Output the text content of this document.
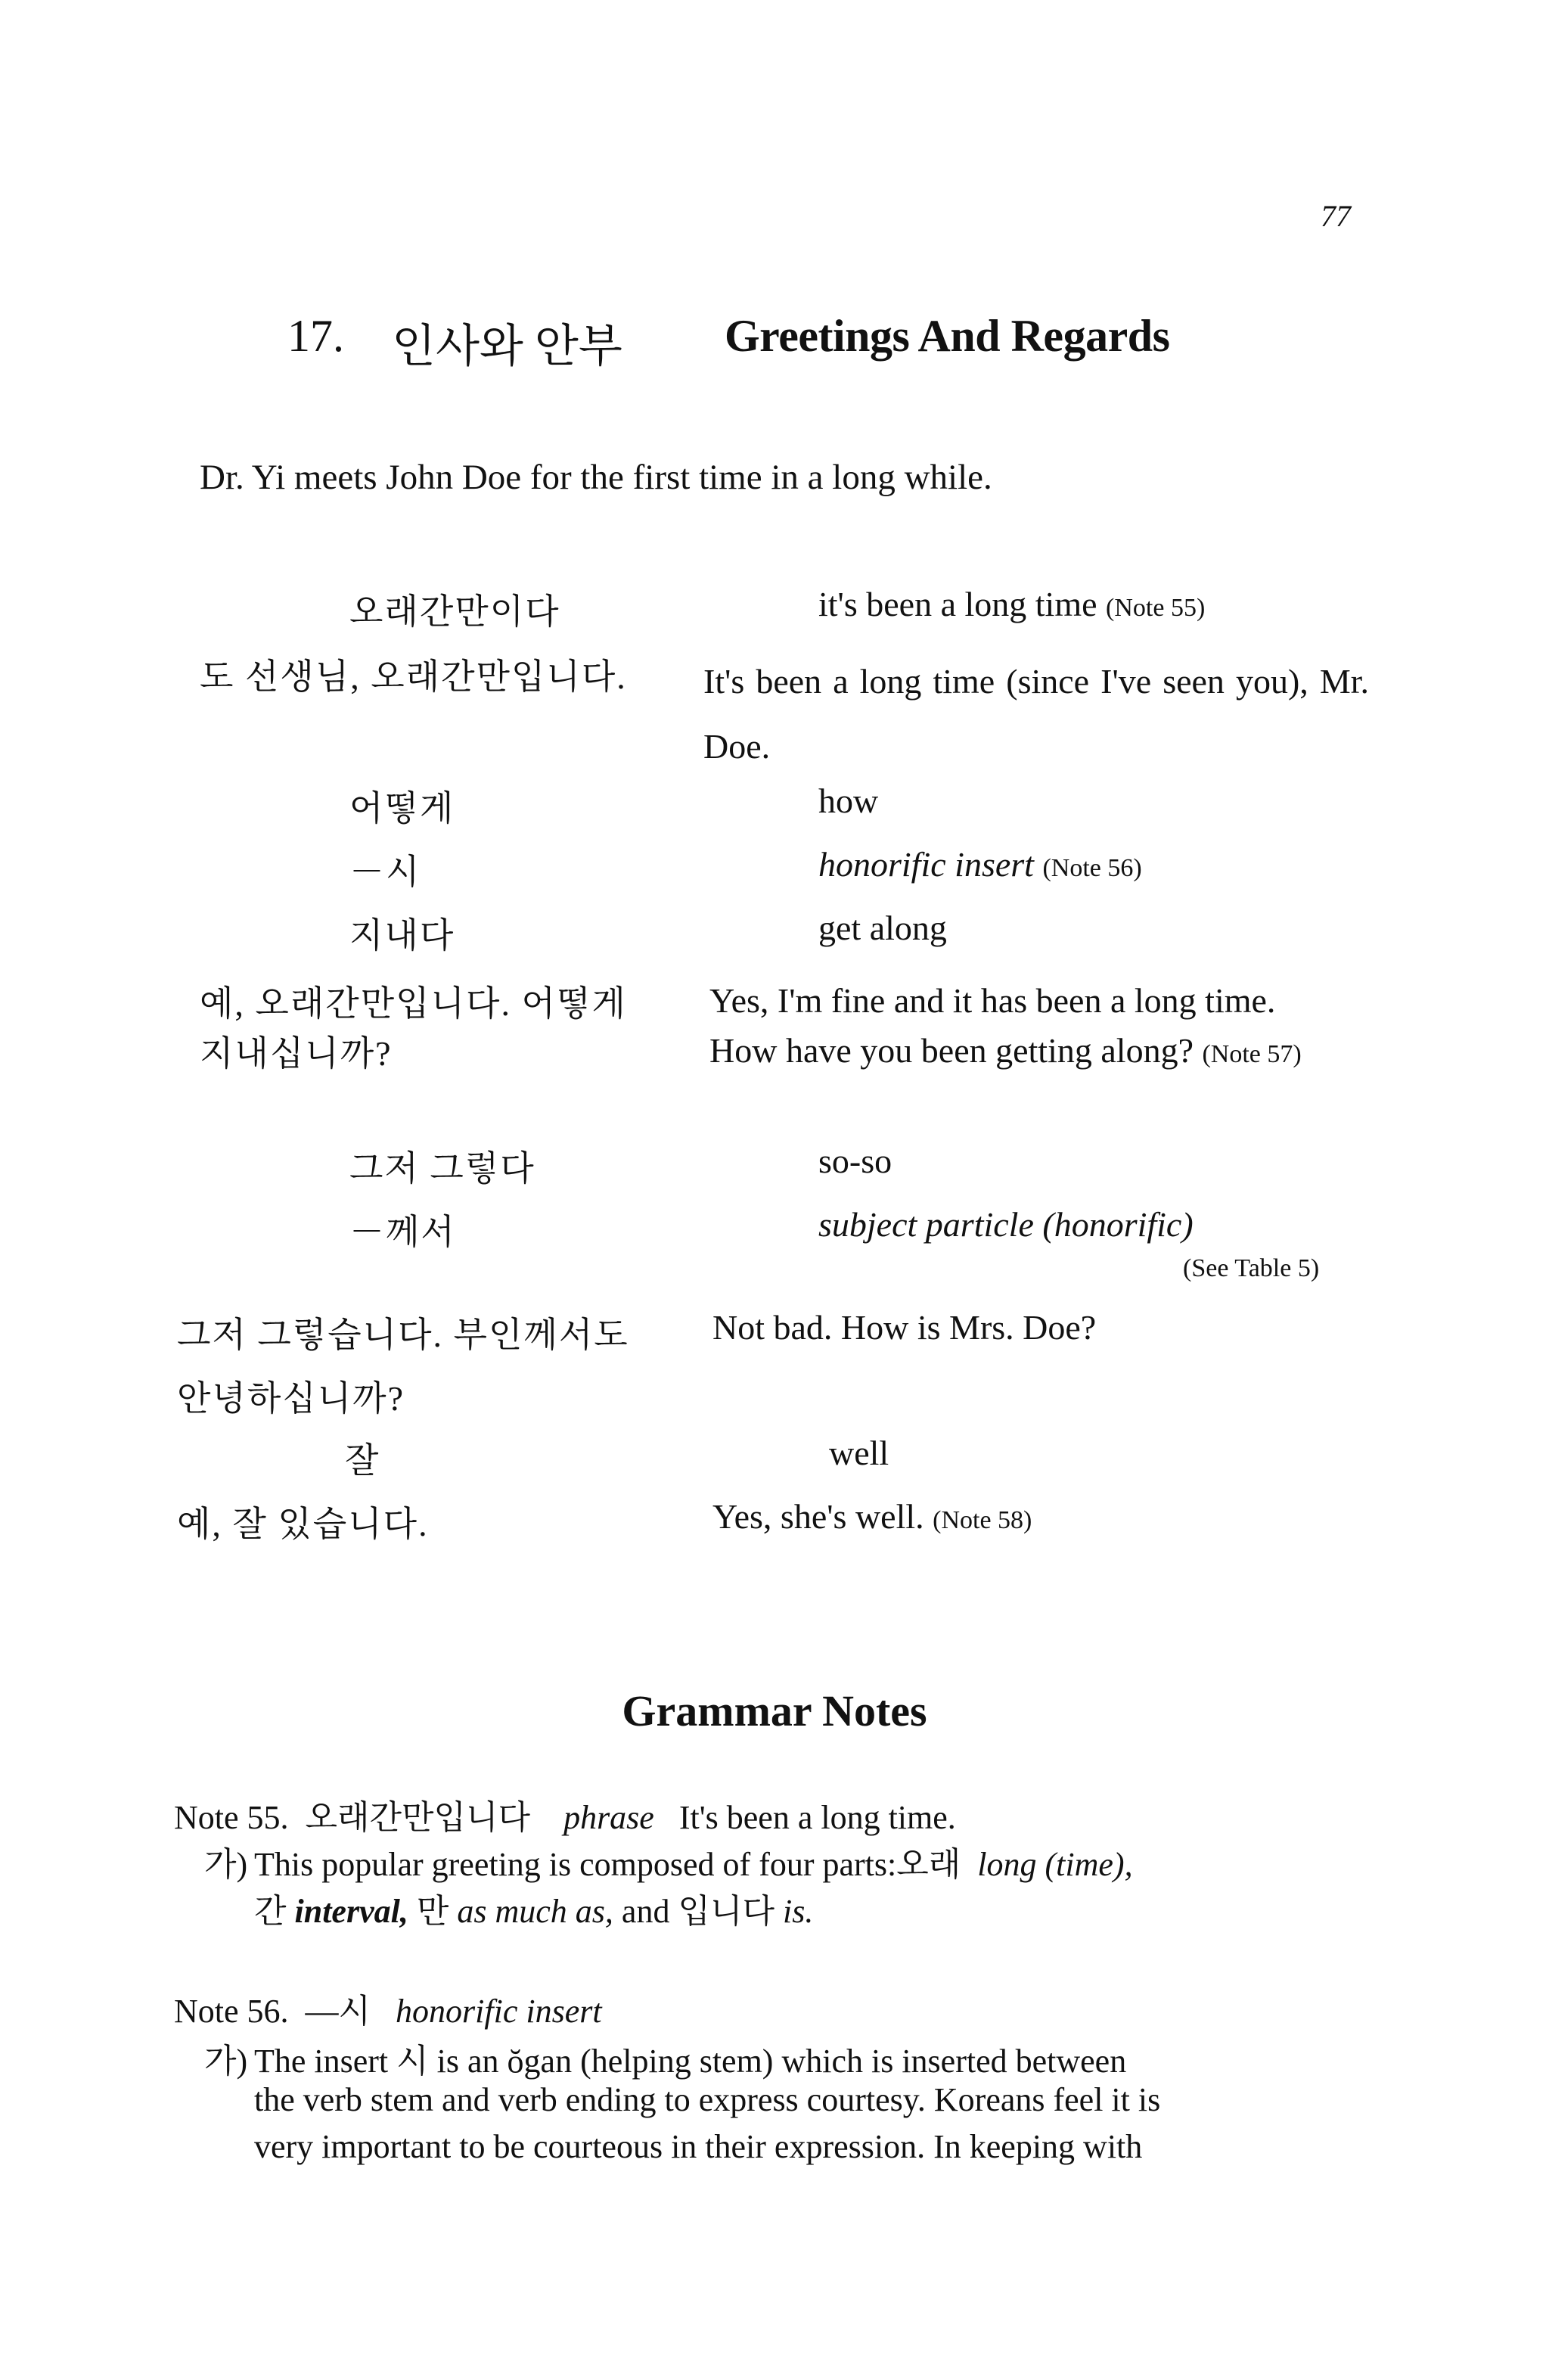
77
17. 인사와 안부 Greetings And Regards
Dr. Yi meets John Doe for the first time in a long while.
오래간만이다	it's been a long time (Note 55)
도 선생님, 오래간만입니다. It's been a long time (since I've seen you), Mr. Doe.
어떻게	how
－시	honorific insert (Note 56)
지내다	get along
예, 오래간만입니다. 어떻게
지내십니까?
Yes, I'm fine and it has been a long time. How have you been getting along? (Note 57)
그저 그렇다	so-so
－께서	subject particle (honorific)
(See Table 5)
그저 그렇습니다. 부인께서도
안녕하십니까?
Not bad. How is Mrs. Doe?
잘	well
예, 잘 있습니다.	Yes, she's well. (Note 58)
Grammar Notes
Note 55. 오래간만입니다 phrase It's been a long time.
가) This popular greeting is composed of four parts:오래 long (time),
간 interval, 만 as much as, and 입니다 is.
Note 56. —시 honorific insert
가) The insert 시 is an ŏgan (helping stem) which is inserted between
the verb stem and verb ending to express courtesy. Koreans feel it is
very important to be courteous in their expression. In keeping with
